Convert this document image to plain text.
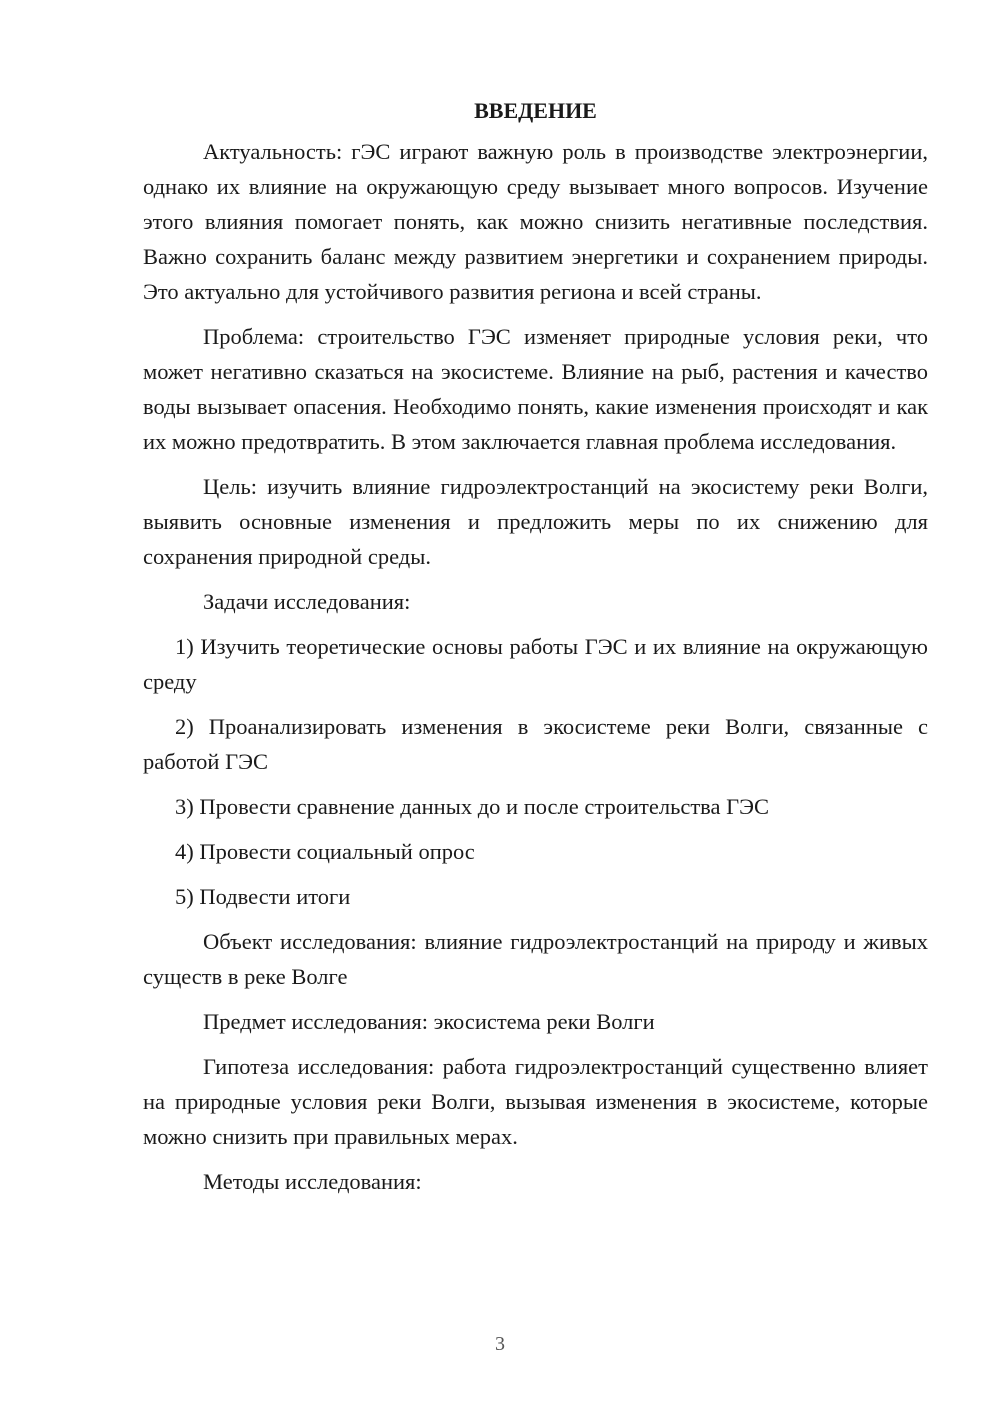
ВВЕДЕНИЕ

Актуальность: гЭС играют важную роль в производстве электроэнергии, однако их влияние на окружающую среду вызывает много вопросов. Изучение этого влияния помогает понять, как можно снизить негативные последствия. Важно сохранить баланс между развитием энергетики и сохранением природы. Это актуально для устойчивого развития региона и всей страны.

Проблема: строительство ГЭС изменяет природные условия реки, что может негативно сказаться на экосистеме. Влияние на рыб, растения и качество воды вызывает опасения. Необходимо понять, какие изменения происходят и как их можно предотвратить. В этом заключается главная проблема исследования.

Цель: изучить влияние гидроэлектростанций на экосистему реки Волги, выявить основные изменения и предложить меры по их снижению для сохранения природной среды.

Задачи исследования:

1) Изучить теоретические основы работы ГЭС и их влияние на окружающую среду

2) Проанализировать изменения в экосистеме реки Волги, связанные с работой ГЭС

3) Провести сравнение данных до и после строительства ГЭС

4) Провести социальный опрос

5) Подвести итоги

Объект исследования: влияние гидроэлектростанций на природу и живых существ в реке Волге

Предмет исследования: экосистема реки Волги

Гипотеза исследования: работа гидроэлектростанций существенно влияет на природные условия реки Волги, вызывая изменения в экосистеме, которые можно снизить при правильных мерах.

Методы исследования:

3
